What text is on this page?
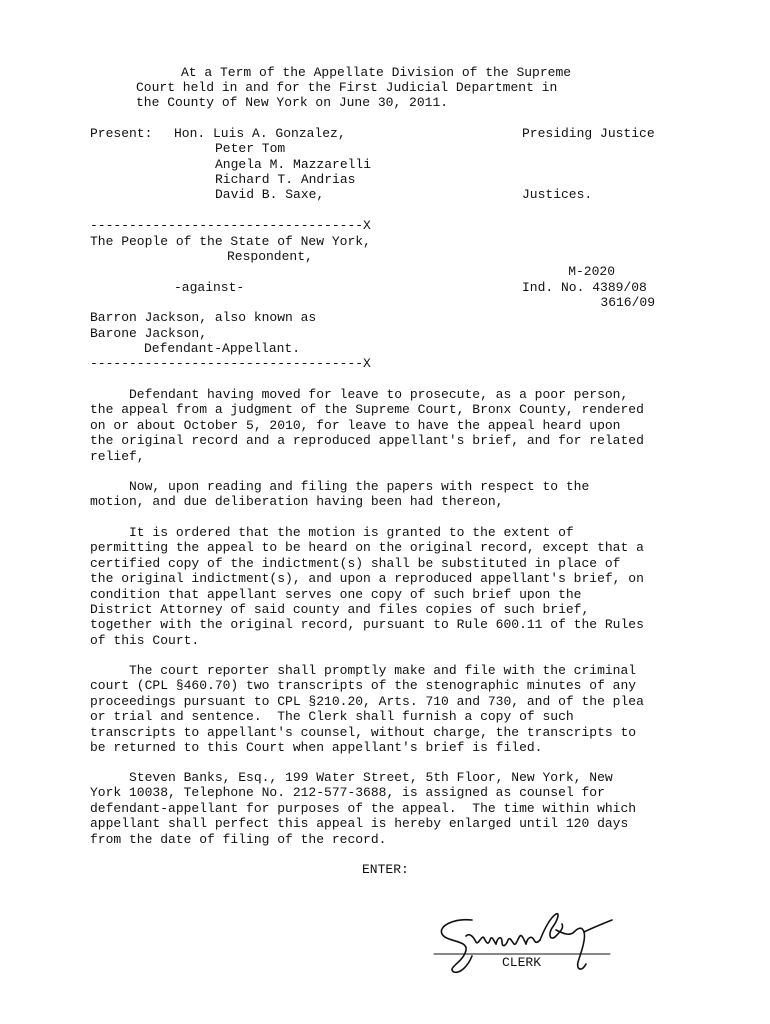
At a Term of the Appellate Division of the Supreme
Court held in and for the First Judicial Department in
the County of New York on June 30, 2011.
Present: Hon. Luis A. Gonzalez,
Peter Tom
Angela M. Mazzarelli
Richard T. Andrias
David B. Saxe,
Presiding Justice
Justices.
-----------------------------------X
The People of the State of New York,
Respondent,
-against-
Barron Jackson, also known as
Barone Jackson,
Defendant-Appellant.
-----------------------------------X
M-2020
Ind. No. 4389/08
3616/09
Defendant having moved for leave to prosecute, as a poor person,
the appeal from a judgment of the Supreme Court, Bronx County, rendered
on or about October 5, 2010, for leave to have the appeal heard upon
the original record and a reproduced appellant's brief, and for related
relief,
Now, upon reading and filing the papers with respect to the
motion, and due deliberation having been had thereon,
It is ordered that the motion is granted to the extent of
permitting the appeal to be heard on the original record, except that a
certified copy of the indictment(s) shall be substituted in place of
the original indictment(s), and upon a reproduced appellant's brief, on
condition that appellant serves one copy of such brief upon the
District Attorney of said county and files copies of such brief,
together with the original record, pursuant to Rule 600.11 of the Rules
of this Court.
The court reporter shall promptly make and file with the criminal
court (CPL §460.70) two transcripts of the stenographic minutes of any
proceedings pursuant to CPL §210.20, Arts. 710 and 730, and of the plea
or trial and sentence.  The Clerk shall furnish a copy of such
transcripts to appellant's counsel, without charge, the transcripts to
be returned to this Court when appellant's brief is filed.
Steven Banks, Esq., 199 Water Street, 5th Floor, New York, New
York 10038, Telephone No. 212-577-3688, is assigned as counsel for
defendant-appellant for purposes of the appeal.  The time within which
appellant shall perfect this appeal is hereby enlarged until 120 days
from the date of filing of the record.
ENTER:
CLERK
